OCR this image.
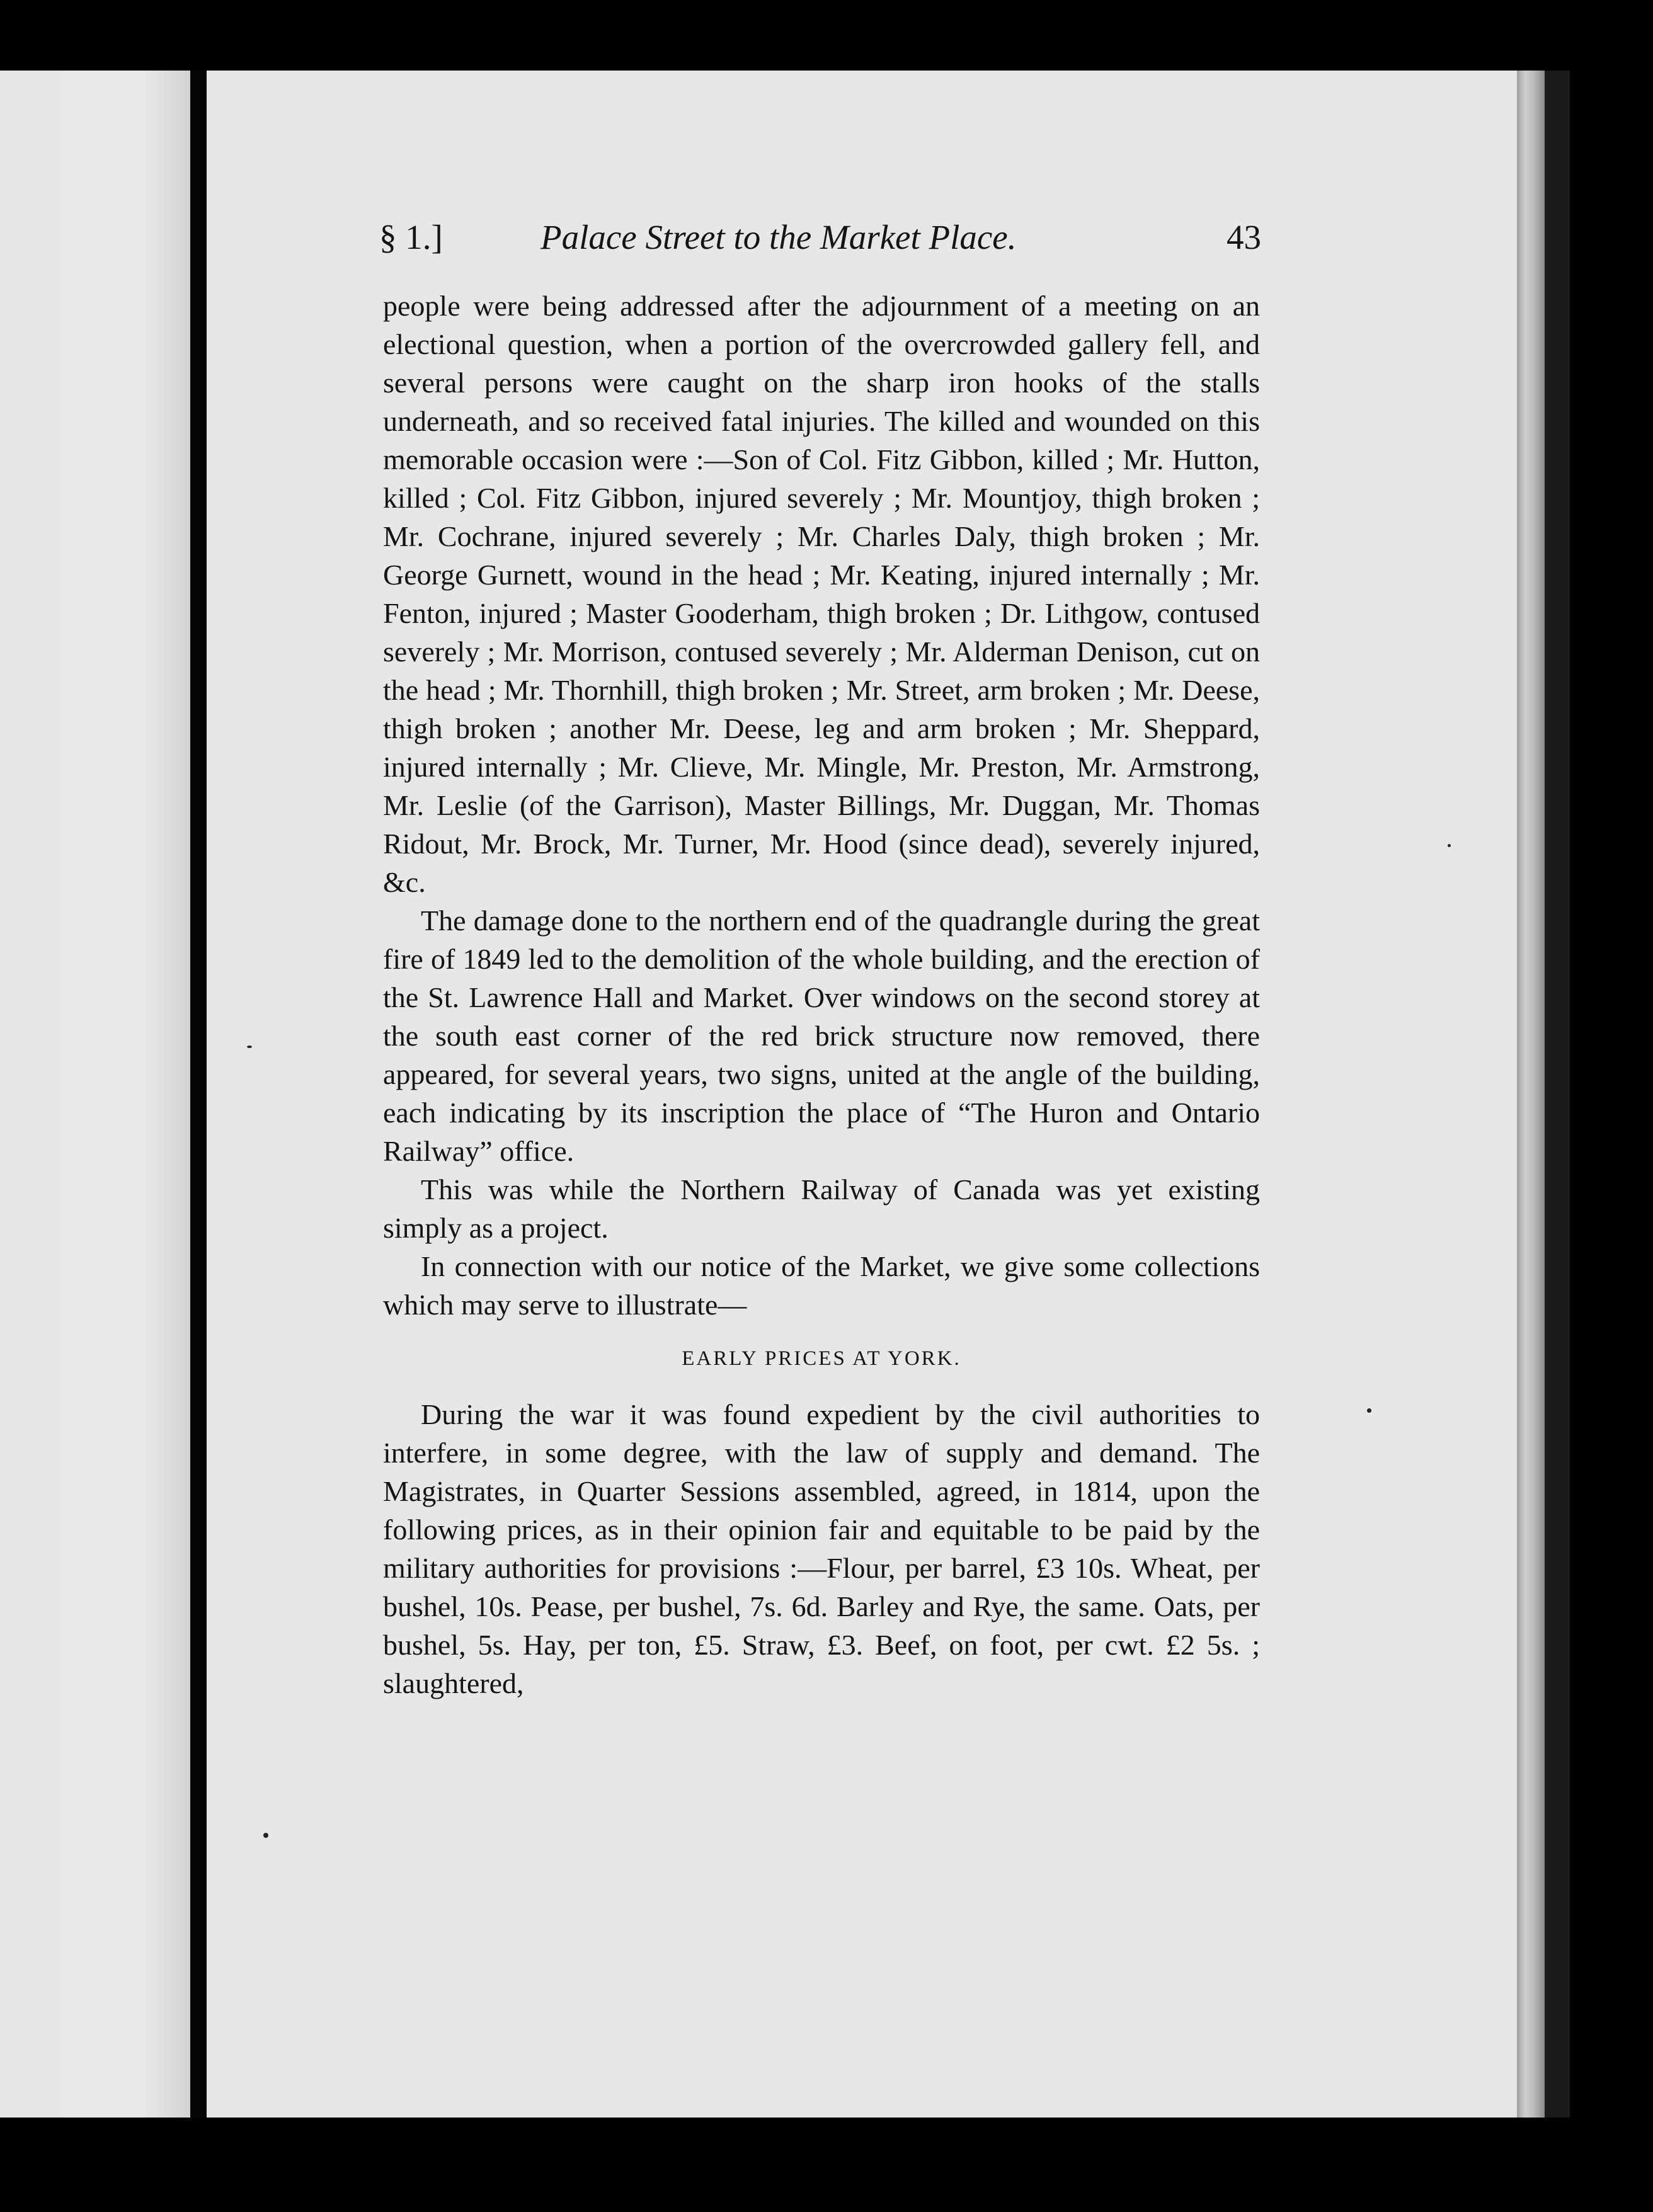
§ 1.]	Palace Street to the Market Place.	43

people were being addressed after the adjournment of a meeting on an electional question, when a portion of the overcrowded gallery fell, and several persons were caught on the sharp iron hooks of the stalls underneath, and so received fatal injuries. The killed and wounded on this memorable occasion were :—Son of Col. Fitz Gibbon, killed ; Mr. Hutton, killed ; Col. Fitz Gibbon, injured severely ; Mr. Mountjoy, thigh broken ; Mr. Cochrane, injured severely ; Mr. Charles Daly, thigh broken ; Mr. George Gurnett, wound in the head ; Mr. Keating, injured internally ; Mr. Fenton, injured ; Master Gooderham, thigh broken ; Dr. Lithgow, contused severely ; Mr. Morrison, contused severely ; Mr. Alderman Denison, cut on the head ; Mr. Thornhill, thigh broken ; Mr. Street, arm broken ; Mr. Deese, thigh broken ; another Mr. Deese, leg and arm broken ; Mr. Sheppard, injured internally ; Mr. Clieve, Mr. Mingle, Mr. Preston, Mr. Armstrong, Mr. Leslie (of the Garrison), Master Billings, Mr. Duggan, Mr. Thomas Ridout, Mr. Brock, Mr. Turner, Mr. Hood (since dead), severely injured, &c.

The damage done to the northern end of the quadrangle during the great fire of 1849 led to the demolition of the whole building, and the erection of the St. Lawrence Hall and Market. Over windows on the second storey at the south east corner of the red brick structure now removed, there appeared, for several years, two signs, united at the angle of the building, each indicating by its inscription the place of “The Huron and Ontario Railway” office.

This was while the Northern Railway of Canada was yet existing simply as a project.

In connection with our notice of the Market, we give some collections which may serve to illustrate—

EARLY PRICES AT YORK.

During the war it was found expedient by the civil authorities to interfere, in some degree, with the law of supply and demand. The Magistrates, in Quarter Sessions assembled, agreed, in 1814, upon the following prices, as in their opinion fair and equitable to be paid by the military authorities for provisions :—Flour, per barrel, £3 10s. Wheat, per bushel, 10s. Pease, per bushel, 7s. 6d. Barley and Rye, the same. Oats, per bushel, 5s. Hay, per ton, £5. Straw, £3. Beef, on foot, per cwt. £2 5s. ; slaughtered,
